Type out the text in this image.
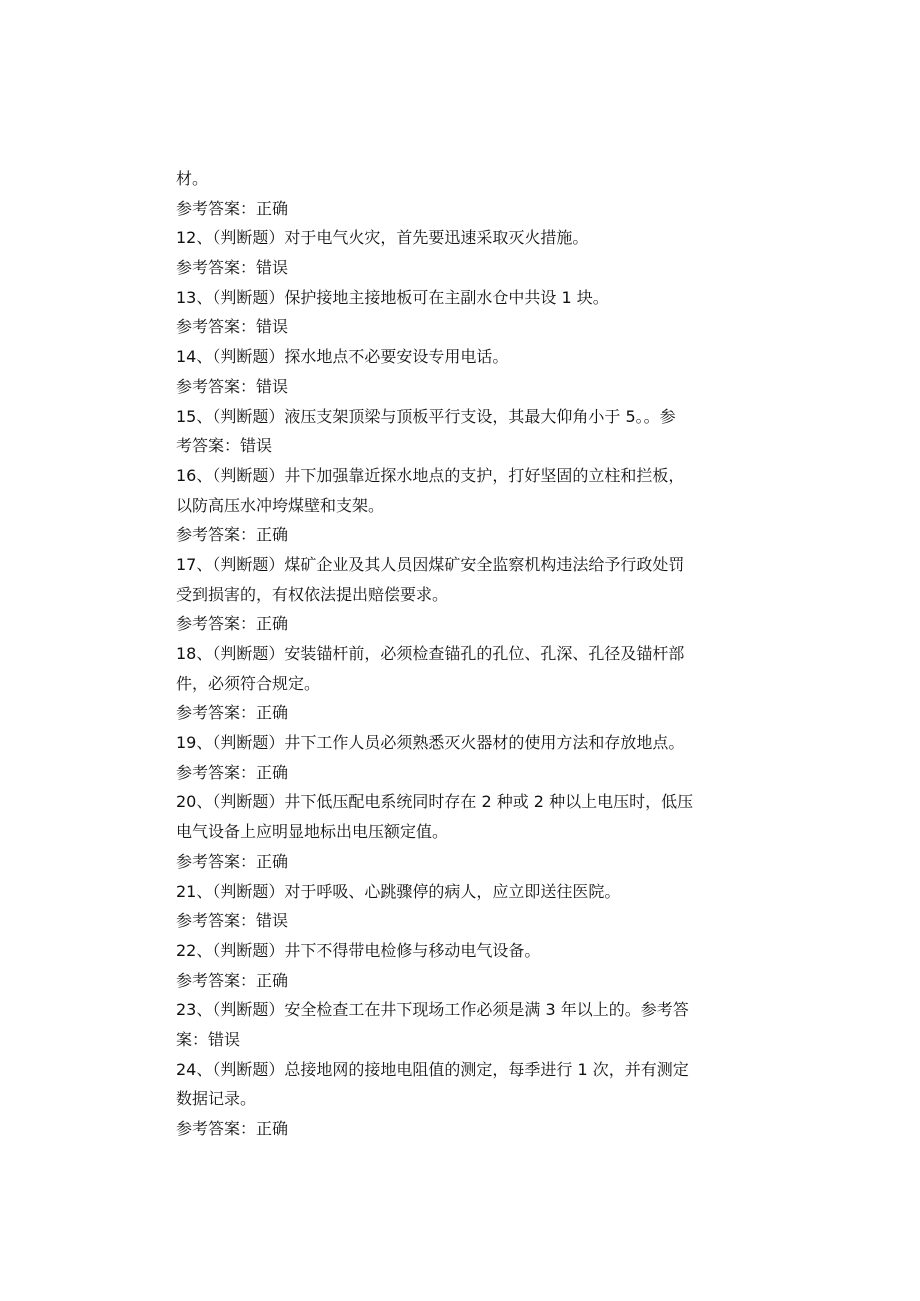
材。
参考答案：正确
12、（判断题）对于电气火灾，首先要迅速采取灭火措施。
参考答案：错误
13、（判断题）保护接地主接地板可在主副水仓中共设 1 块。
参考答案：错误
14、（判断题）探水地点不必要安设专用电话。
参考答案：错误
15、（判断题）液压支架顶梁与顶板平行支设，其最大仰角小于 5。。参
考答案：错误
16、（判断题）井下加强靠近探水地点的支护，打好坚固的立柱和拦板，
以防高压水冲垮煤壁和支架。
参考答案：正确
17、（判断题）煤矿企业及其人员因煤矿安全监察机构违法给予行政处罚
受到损害的，有权依法提出赔偿要求。
参考答案：正确
18、（判断题）安装锚杆前，必须检查锚孔的孔位、孔深、孔径及锚杆部
件，必须符合规定。
参考答案：正确
19、（判断题）井下工作人员必须熟悉灭火器材的使用方法和存放地点。
参考答案：正确
20、（判断题）井下低压配电系统同时存在 2 种或 2 种以上电压时，低压
电气设备上应明显地标出电压额定值。
参考答案：正确
21、（判断题）对于呼吸、心跳骤停的病人，应立即送往医院。
参考答案：错误
22、（判断题）井下不得带电检修与移动电气设备。
参考答案：正确
23、（判断题）安全检查工在井下现场工作必须是满 3 年以上的。参考答
案：错误
24、（判断题）总接地网的接地电阻值的测定，每季进行 1 次，并有测定
数据记录。
参考答案：正确
